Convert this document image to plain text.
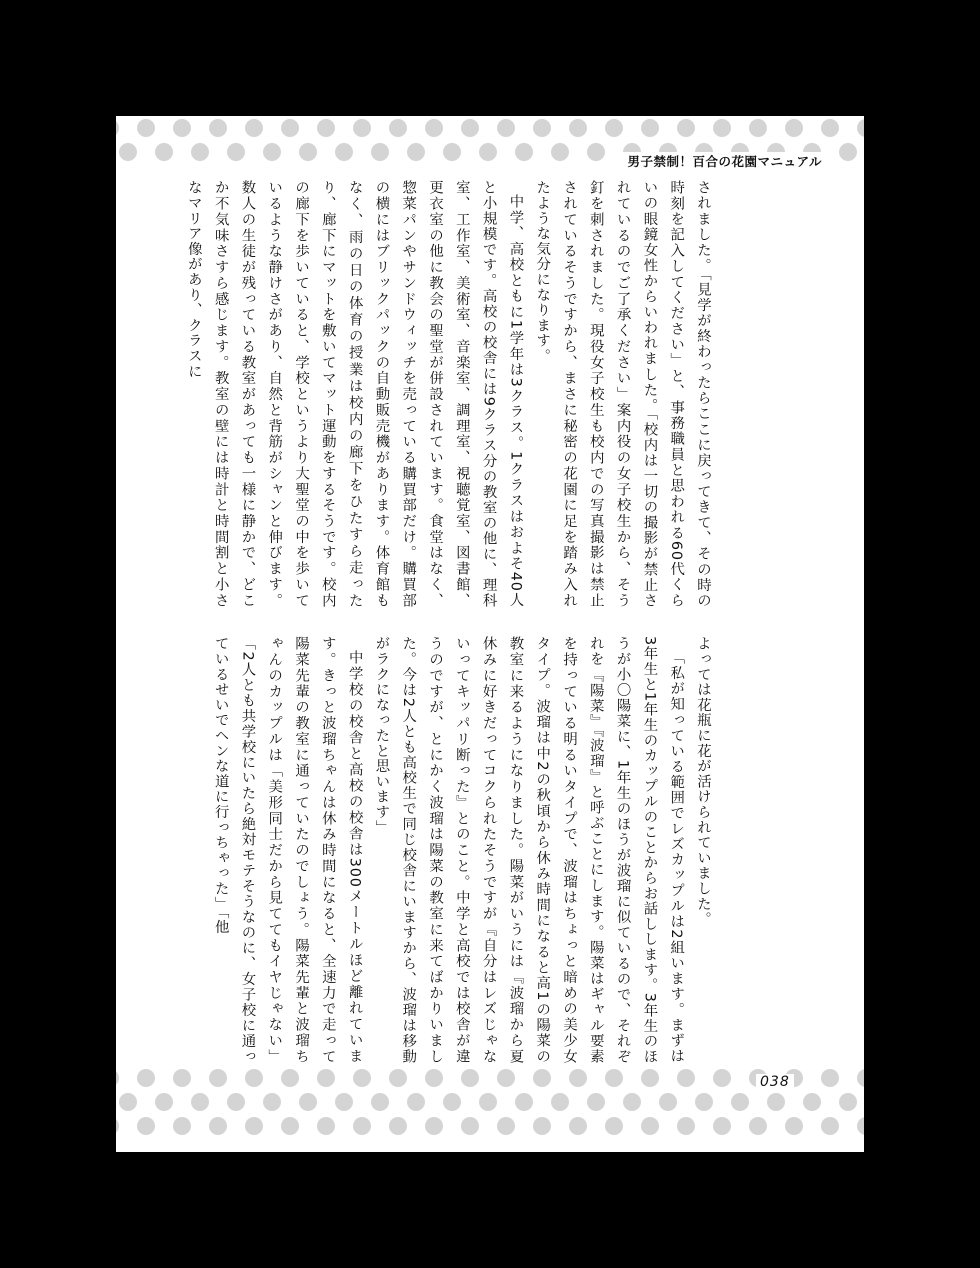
男子禁制！百合の花園マニュアル

されました。「見学が終わったらここに戻ってきて、その時の時刻を記入してください」と、事務職員と思われる60代くらいの眼鏡女性からいわれました。「校内は一切の撮影が禁止されているのでご了承ください」案内役の女子校生から、そう釘を刺されました。現役女子校生も校内での写真撮影は禁止されているそうですから、まさに秘密の花園に足を踏み入れたような気分になります。

中学、高校ともに1学年は3クラス。1クラスはおよそ40人と小規模です。高校の校舎には9クラス分の教室の他に、理科室、工作室、美術室、音楽室、調理室、視聴覚室、図書館、更衣室の他に教会の聖堂が併設されています。食堂はなく、惣菜パンやサンドウィッチを売っている購買部だけ。購買部の横にはブリックパックの自動販売機があります。体育館もなく、雨の日の体育の授業は校内の廊下をひたすら走ったり、廊下にマットを敷いてマット運動をするそうです。校内の廊下を歩いていると、学校というより大聖堂の中を歩いているような静けさがあり、自然と背筋がシャンと伸びます。数人の生徒が残っている教室があっても一様に静かで、どこか不気味さすら感じます。教室の壁には時計と時間割と小さなマリア像があり、クラスに

よっては花瓶に花が活けられていました。

「私が知っている範囲でレズカップルは2組います。まずは3年生と1年生のカップルのことからお話しします。3年生のほうが小〇陽菜に、1年生のほうが波瑠に似ているので、それぞれを『陽菜』『波瑠』と呼ぶことにします。陽菜はギャル要素を持っている明るいタイプで、波瑠はちょっと暗めの美少女タイプ。波瑠は中2の秋頃から休み時間になると高1の陽菜の教室に来るようになりました。陽菜がいうには『波瑠から夏休みに好きだってコクられたそうですが『自分はレズじゃないってキッパリ断った』とのこと。中学と高校では校舎が違うのですが、とにかく波瑠は陽菜の教室に来てばかりいました。今は2人とも高校生で同じ校舎にいますから、波瑠は移動がラクになったと思います」

中学校の校舎と高校の校舎は300メートルほど離れています。きっと波瑠ちゃんは休み時間になると、全速力で走って陽菜先輩の教室に通っていたのでしょう。陽菜先輩と波瑠ちゃんのカップルは「美形同士だから見ててもイヤじゃない」「2人とも共学校にいたら絶対モテそうなのに、女子校に通っているせいでヘンな道に行っちゃった」「他

038
